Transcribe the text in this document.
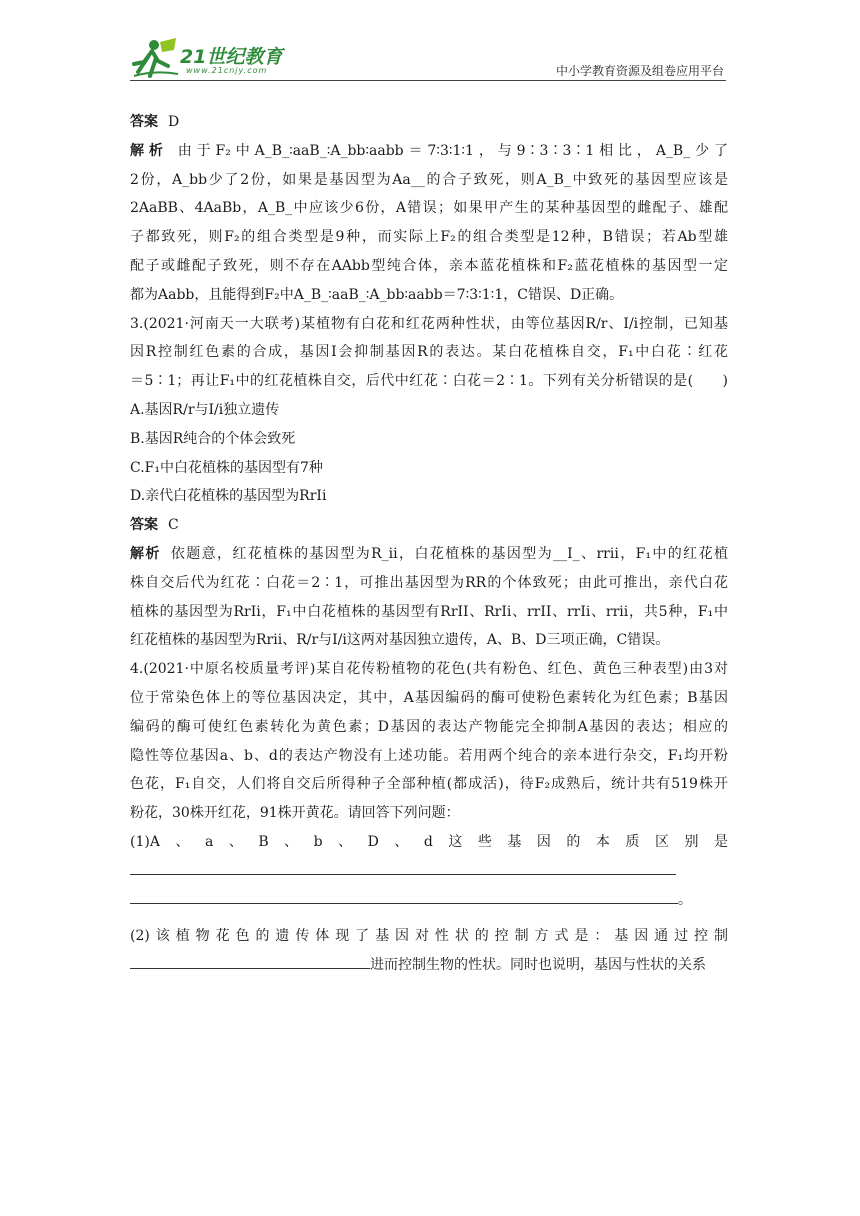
21世纪教育
www.21cnjy.com	中小学教育资源及组卷应用平台
答案 D
解析 由于F₂中A_B_∶aaB_∶A_bb∶aabb＝7∶3∶1∶1，与9∶3∶3∶1相比，A_B_少了
2份，A_bb少了2份，如果是基因型为Aa__的合子致死，则A_B_中致死的基因型应该是
2AaBB、4AaBb，A_B_中应该少6份，A错误；如果甲产生的某种基因型的雌配子、雄配
子都致死，则F₂的组合类型是9种，而实际上F₂的组合类型是12种，B错误；若Ab型雄
配子或雌配子致死，则不存在AAbb型纯合体，亲本蓝花植株和F₂蓝花植株的基因型一定
都为Aabb，且能得到F₂中A_B_∶aaB_∶A_bb∶aabb＝7∶3∶1∶1，C错误、D正确。
3.(2021·河南天一大联考)某植物有白花和红花两种性状，由等位基因R/r、I/i控制，已知基
因R控制红色素的合成，基因I会抑制基因R的表达。某白花植株自交，F₁中白花∶红花
＝5∶1；再让F₁中的红花植株自交，后代中红花∶白花＝2∶1。下列有关分析错误的是(　　)
A.基因R/r与I/i独立遗传
B.基因R纯合的个体会致死
C.F₁中白花植株的基因型有7种
D.亲代白花植株的基因型为RrIi
答案 C
解析 依题意，红花植株的基因型为R_ii，白花植株的基因型为__I_、rrii，F₁中的红花植
株自交后代为红花∶白花＝2∶1，可推出基因型为RR的个体致死；由此可推出，亲代白花
植株的基因型为RrIi，F₁中白花植株的基因型有RrII、RrIi、rrII、rrIi、rrii，共5种，F₁中
红花植株的基因型为Rrii、R/r与I/i这两对基因独立遗传，A、B、D三项正确，C错误。
4.(2021·中原名校质量考评)某自花传粉植物的花色(共有粉色、红色、黄色三种表型)由3对
位于常染色体上的等位基因决定，其中，A基因编码的酶可使粉色素转化为红色素；B基因
编码的酶可使红色素转化为黄色素；D基因的表达产物能完全抑制A基因的表达；相应的
隐性等位基因a、b、d的表达产物没有上述功能。若用两个纯合的亲本进行杂交，F₁均开粉
色花，F₁自交，人们将自交后所得种子全部种植(都成活)，待F₂成熟后，统计共有519株开
粉花，30株开红花，91株开黄花。请回答下列问题：
(1)A、a、B、b、D、d这些基因的本质区别是
。
(2)该植物花色的遗传体现了基因对性状的控制方式是：基因通过控制
进而控制生物的性状。同时也说明，基因与性状的关系
